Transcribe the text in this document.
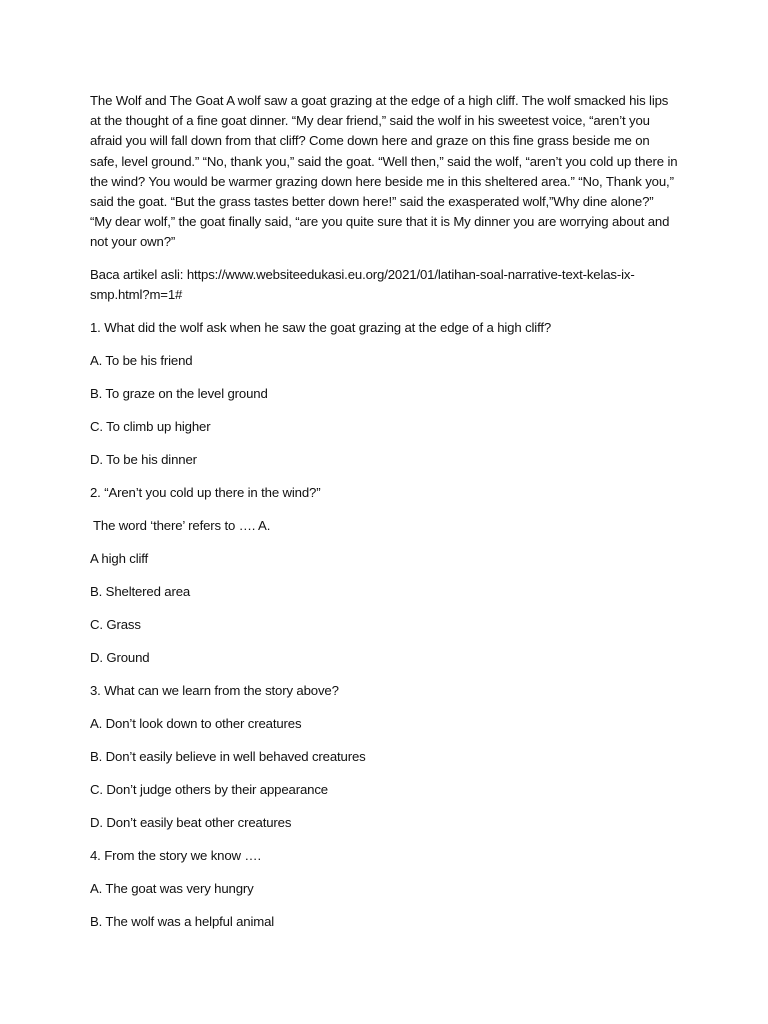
The Wolf and The Goat A wolf saw a goat grazing at the edge of a high cliff. The wolf smacked his lips at the thought of a fine goat dinner. “My dear friend,” said the wolf in his sweetest voice, “aren’t you afraid you will fall down from that cliff? Come down here and graze on this fine grass beside me on safe, level ground.” “No, thank you,” said the goat. “Well then,” said the wolf, “aren’t you cold up there in the wind? You would be warmer grazing down here beside me in this sheltered area.” “No, Thank you,” said the goat. “But the grass tastes better down here!” said the exasperated wolf,”Why dine alone?” “My dear wolf,” the goat finally said, “are you quite sure that it is My dinner you are worrying about and not your own?”

Baca artikel asli: https://www.websiteedukasi.eu.org/2021/01/latihan-soal-narrative-text-kelas-ix-smp.html?m=1#

1. What did the wolf ask when he saw the goat grazing at the edge of a high cliff?

A. To be his friend

B. To graze on the level ground

C. To climb up higher

D. To be his dinner

2. “Aren’t you cold up there in the wind?”

The word ‘there’ refers to …. A.

A high cliff

B. Sheltered area

C. Grass

D. Ground

3. What can we learn from the story above?

A. Don’t look down to other creatures

B. Don’t easily believe in well behaved creatures

C. Don’t judge others by their appearance

D. Don’t easily beat other creatures

4. From the story we know ….

A. The goat was very hungry

B. The wolf was a helpful animal
